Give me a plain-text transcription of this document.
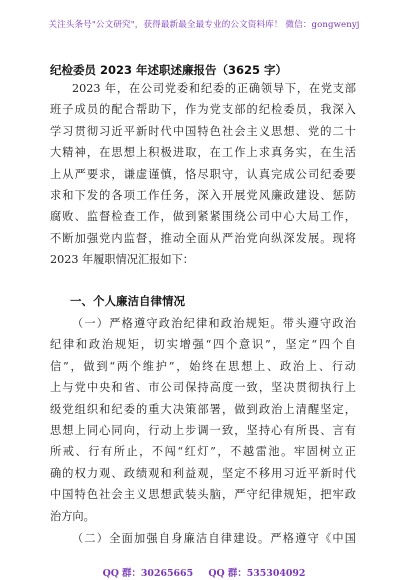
关注头条号"公文研究"，获得最新最全最专业的公文资料库！ 微信：gongwenyj
纪检委员 2023 年述职述廉报告（3625 字）
2023 年，在公司党委和纪委的正确领导下，在党支部
班子成员的配合帮助下，作为党支部的纪检委员，我深入
学习贯彻习近平新时代中国特色社会主义思想、党的二十
大精神，在思想上积极进取，在工作上求真务实，在生活
上从严要求，谦虚谨慎，恪尽职守，认真完成公司纪委要
求和下发的各项工作任务，深入开展党风廉政建设、惩防
腐败、监督检查工作，做到紧紧围绕公司中心大局工作，
不断加强党内监督，推动全面从严治党向纵深发展。现将
2023 年履职情况汇报如下：
一、个人廉洁自律情况
（一）严格遵守政治纪律和政治规矩。带头遵守政治
纪律和政治规矩，切实增强“四个意识”，坚定“四个自
信”，做到“两个维护”，始终在思想上、政治上、行动
上与党中央和省、市公司保持高度一致，坚决贯彻执行上
级党组织和纪委的重大决策部署，做到政治上清醒坚定，
思想上同心同向，行动上步调一致，坚持心有所畏、言有
所戒、行有所止，不闯“红灯”，不越雷池。牢固树立正
确的权力观、政绩观和利益观，坚定不移用习近平新时代
中国特色社会主义思想武装头脑，严守纪律规矩，把牢政
治方向。
（二）全面加强自身廉洁自律建设。严格遵守《中国
QQ 群：30265665 QQ 群：535304092
